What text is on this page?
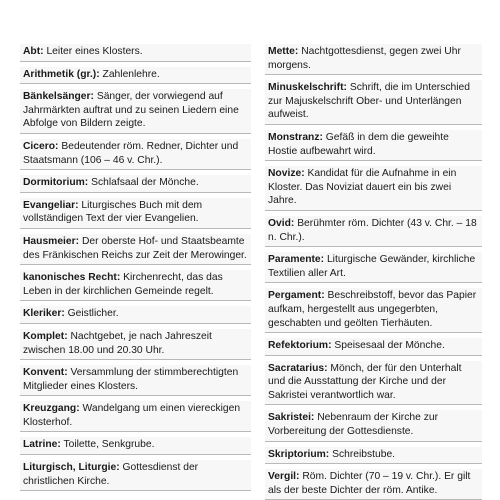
Abt: Leiter eines Klosters.
Arithmetik (gr.): Zahlenlehre.
Bänkelsänger: Sänger, der vorwiegend auf Jahrmärkten auftrat und zu seinen Liedern eine Abfolge von Bildern zeigte.
Cicero: Bedeutender röm. Redner, Dichter und Staatsmann (106 – 46 v. Chr.).
Dormitorium: Schlafsaal der Mönche.
Evangeliar: Liturgisches Buch mit dem vollständigen Text der vier Evangelien.
Hausmeier: Der oberste Hof- und Staatsbeamte des Fränkischen Reichs zur Zeit der Merowinger.
kanonisches Recht: Kirchenrecht, das das Leben in der kirchlichen Gemeinde regelt.
Kleriker: Geistlicher.
Komplet: Nachtgebet, je nach Jahreszeit zwischen 18.00 und 20.30 Uhr.
Konvent: Versammlung der stimmberechtigten Mitglieder eines Klosters.
Kreuzgang: Wandelgang um einen viereckigen Klosterhof.
Latrine: Toilette, Senkgrube.
Liturgisch, Liturgie: Gottesdienst der christlichen Kirche.
Mette: Nachtgottesdienst, gegen zwei Uhr morgens.
Minuskelschrift: Schrift, die im Unterschied zur Majuskelschrift Ober- und Unterlängen aufweist.
Monstranz: Gefäß in dem die geweihte Hostie aufbewahrt wird.
Novize: Kandidat für die Aufnahme in ein Kloster. Das Noviziat dauert ein bis zwei Jahre.
Ovid: Berühmter röm. Dichter (43 v. Chr. – 18 n. Chr.).
Paramente: Liturgische Gewänder, kirchliche Textilien aller Art.
Pergament: Beschreibstoff, bevor das Papier aufkam, hergestellt aus ungegerbten, geschabten und geölten Tierhäuten.
Refektorium: Speisesaal der Mönche.
Sacratarius: Mönch, der für den Unterhalt und die Ausstattung der Kirche und der Sakristei verantwortlich war.
Sakristei: Nebenraum der Kirche zur Vorbereitung der Gottesdienste.
Skriptorium: Schreibstube.
Vergil: Röm. Dichter (70 – 19 v. Chr.). Er gilt als der beste Dichter der röm. Antike.
